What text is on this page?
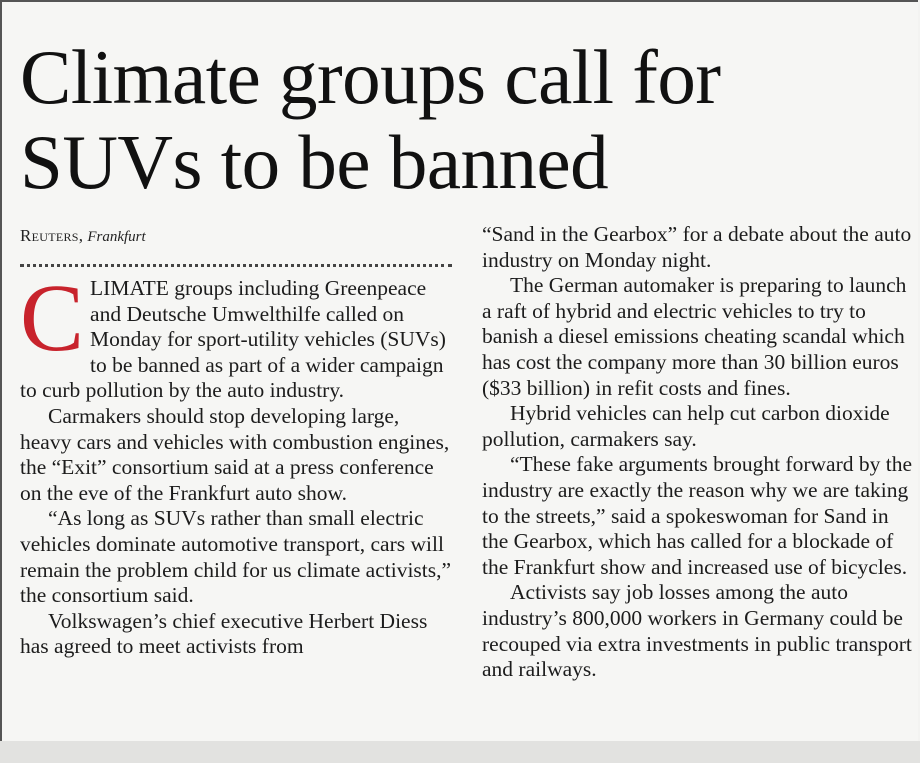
Climate groups call for SUVs to be banned
Reuters, Frankfurt

CLIMATE groups including Greenpeace and Deutsche Umwelthilfe called on Monday for sport-utility vehicles (SUVs) to be banned as part of a wider campaign to curb pollution by the auto industry.

Carmakers should stop developing large, heavy cars and vehicles with combustion engines, the “Exit” consortium said at a press conference on the eve of the Frankfurt auto show.

“As long as SUVs rather than small electric vehicles dominate automotive transport, cars will remain the problem child for us climate activists,” the consortium said.

Volkswagen’s chief executive Herbert Diess has agreed to meet activists from

“Sand in the Gearbox” for a debate about the auto industry on Monday night.

The German automaker is preparing to launch a raft of hybrid and electric vehicles to try to banish a diesel emissions cheating scandal which has cost the company more than 30 billion euros ($33 billion) in refit costs and fines.

Hybrid vehicles can help cut carbon dioxide pollution, carmakers say.

“These fake arguments brought forward by the industry are exactly the reason why we are taking to the streets,” said a spokeswoman for Sand in the Gearbox, which has called for a blockade of the Frankfurt show and increased use of bicycles.

Activists say job losses among the auto industry’s 800,000 workers in Germany could be recouped via extra investments in public transport and railways.
